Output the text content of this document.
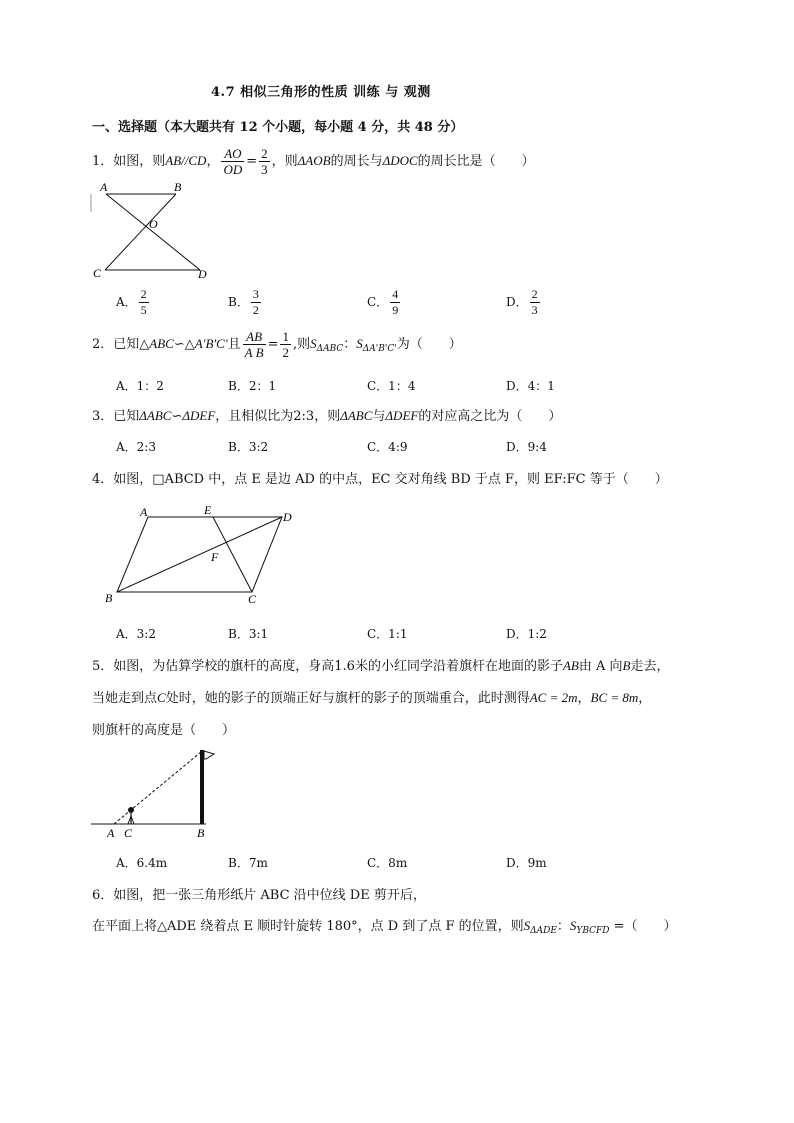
4.7 相似三角形的性质 训练 与 观测
一、选择题（本大题共有 12 个小题，每小题 4 分，共 48 分）
1．如图，则AB//CD， $\frac{AO}{OD} = \frac{2}{3}$ ，则ΔAOB的周长与ΔDOC的周长比是（　　）
A	B
O
C	D
A． $\frac{2}{5}$	B． $\frac{3}{2}$	C． $\frac{4}{9}$	D． $\frac{2}{3}$
2．已知△ABC∽△A'B'C'且 $\frac{AB}{\text{A B}} = \frac{1}{2}$ ,则$S_{\Delta ABC}$：$S_{\Delta A'B'C'}$为（　　）
A．1：2	B．2：1	C．1：4	D．4：1
3．已知ΔABC∽ΔDEF，且相似比为2:3，则ΔABC与ΔDEF的对应高之比为（　　）
A．2:3	B．3:2	C．4:9	D．9:4
4．如图，□ABCD 中，点 E 是边 AD 的中点，EC 交对角线 BD 于点 F，则 EF:FC 等于（　　）
A	E	D
F
B	C
A．3:2	B．3:1	C．1:1	D．1:2
5．如图，为估算学校的旗杆的高度，身高1.6米的小红同学沿着旗杆在地面的影子AB由 A 向B走去，
当她走到点C处时，她的影子的顶端正好与旗杆的影子的顶端重合，此时测得AC = 2m，BC = 8m，
则旗杆的高度是（　　）
A C	B
A．6.4m	B．7m	C．8m	D．9m
6．如图，把一张三角形纸片 ABC 沿中位线 DE 剪开后，
在平面上将△ADE 绕着点 E 顺时针旋转 180°，点 D 到了点 F 的位置，则$S_{\Delta ADE}$：$S_{YBCFD}$ =（　　）
